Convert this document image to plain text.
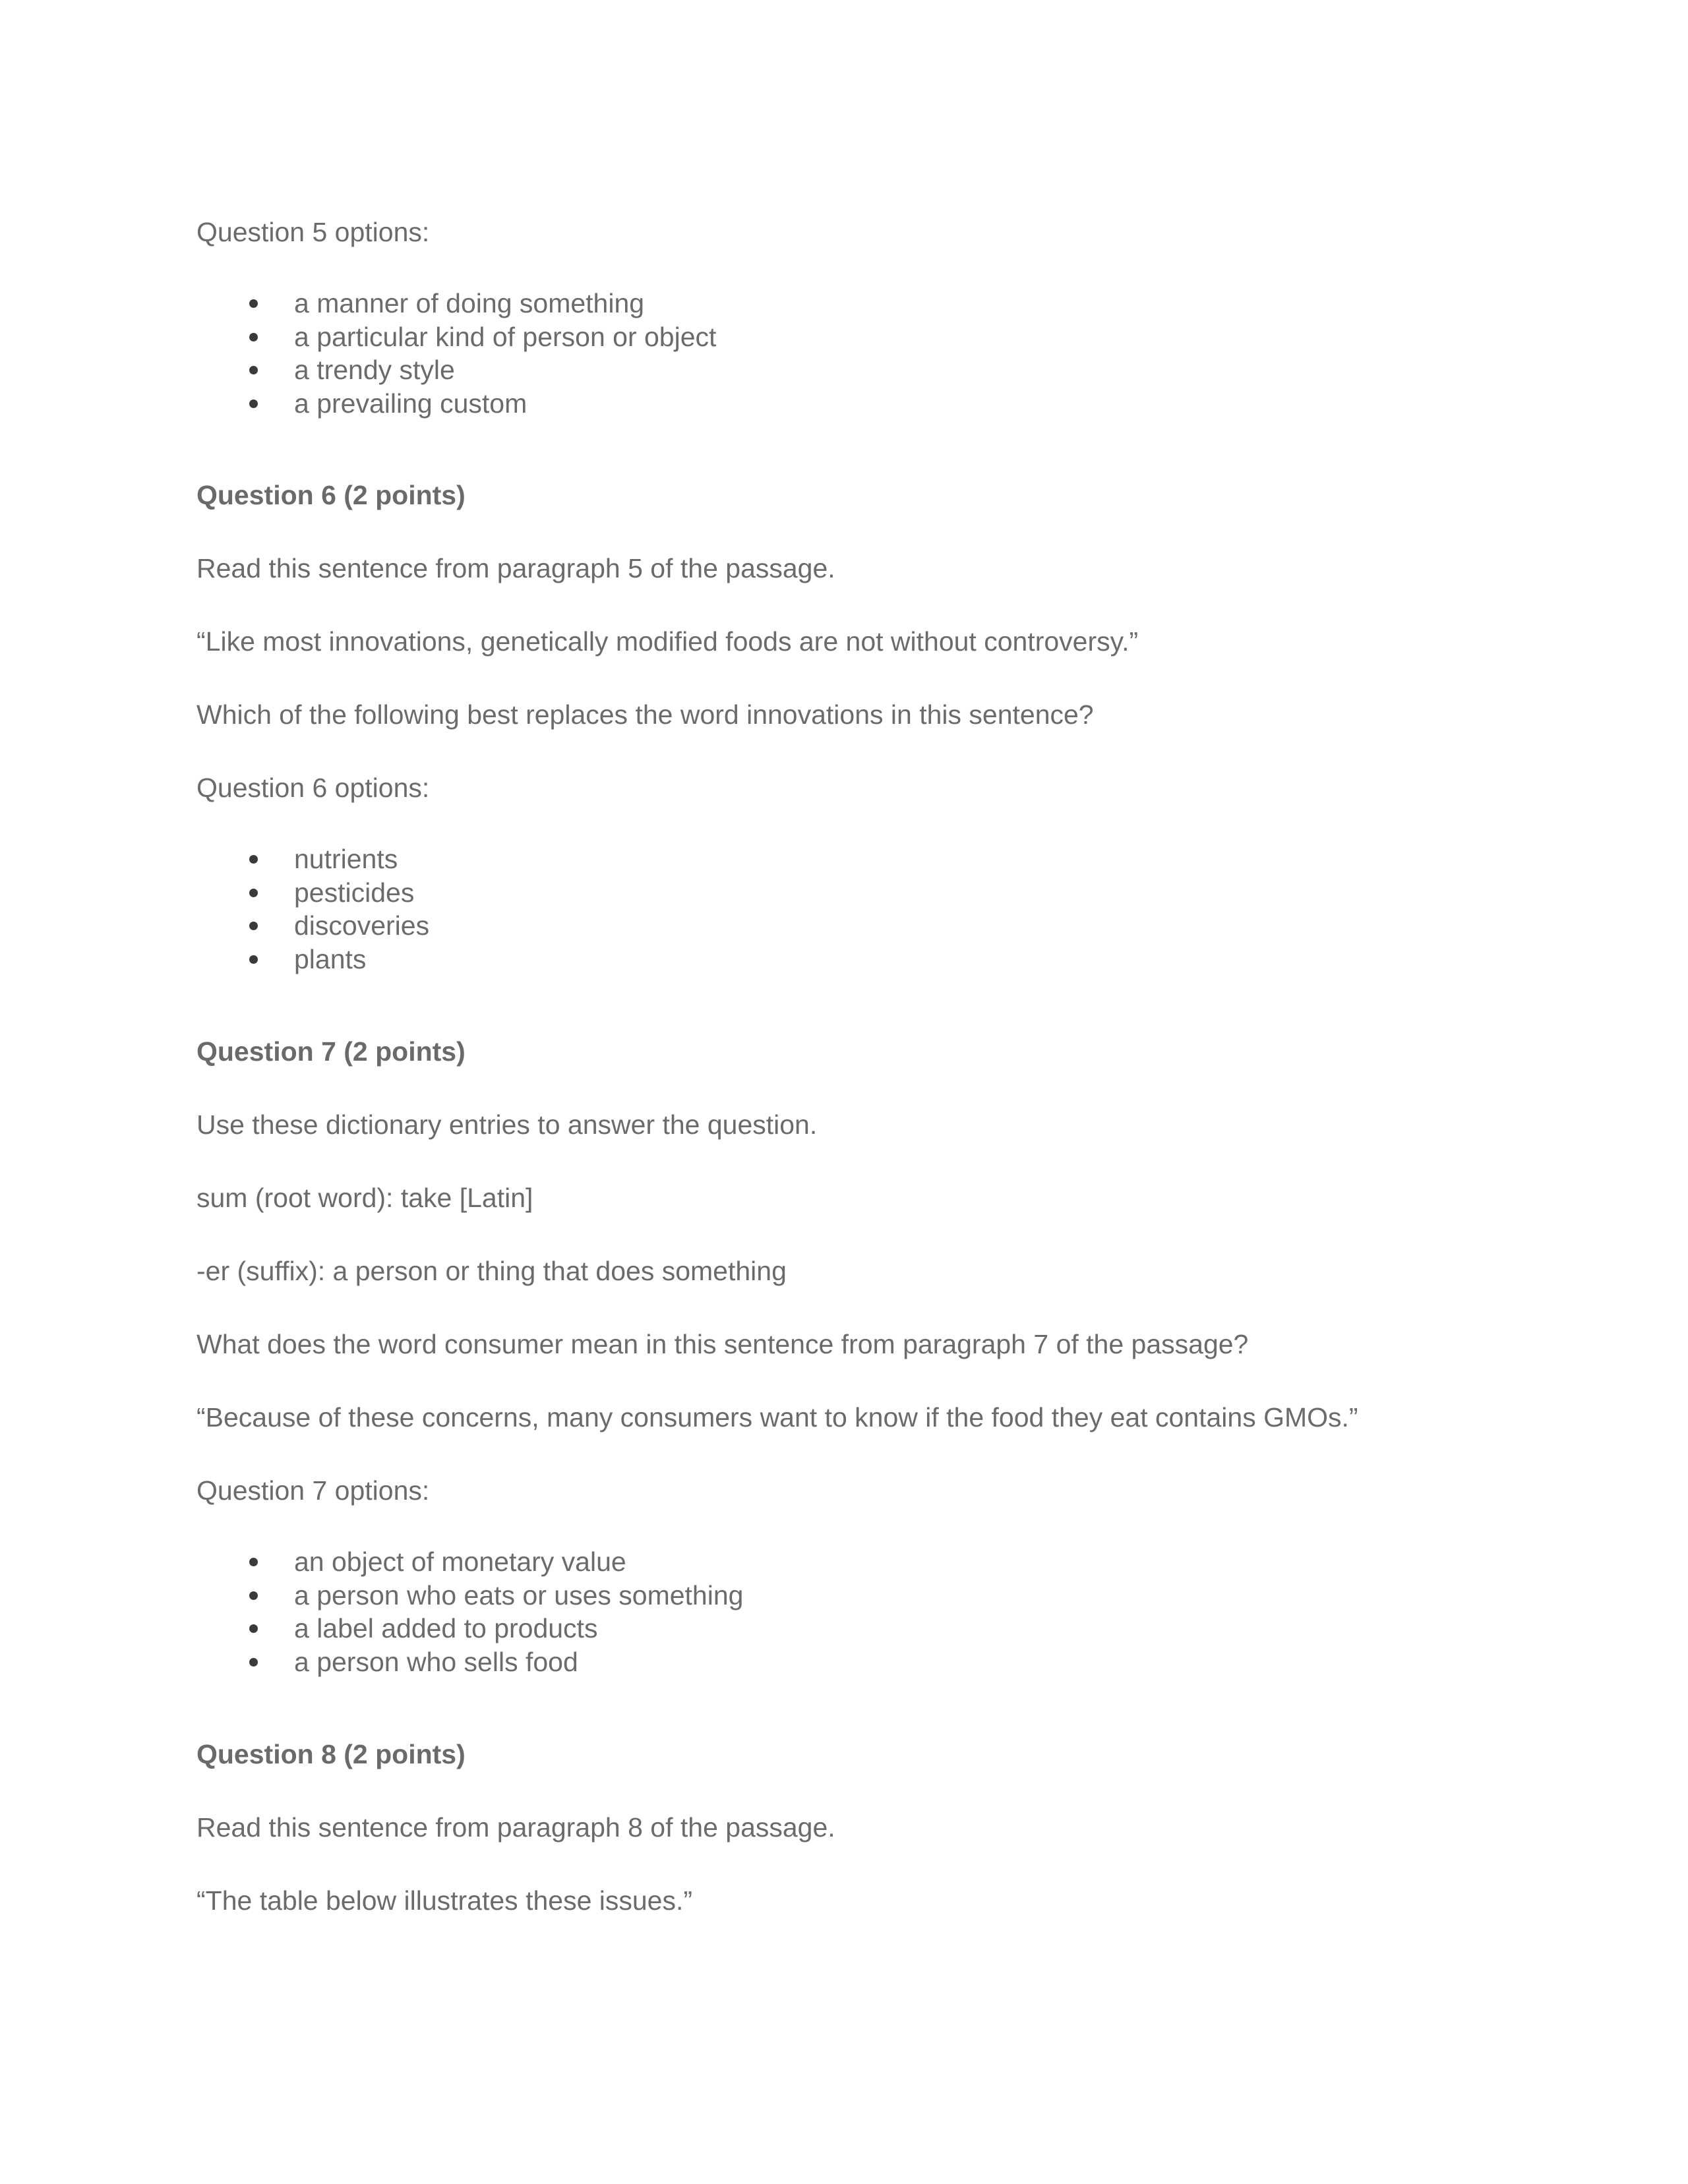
Question 5 options:
a manner of doing something
a particular kind of person or object
a trendy style
a prevailing custom
Question 6 (2 points)
Read this sentence from paragraph 5 of the passage.
“Like most innovations, genetically modified foods are not without controversy.”
Which of the following best replaces the word innovations in this sentence?
Question 6 options:
nutrients
pesticides
discoveries
plants
Question 7 (2 points)
Use these dictionary entries to answer the question.
sum (root word): take [Latin]
-er (suffix): a person or thing that does something
What does the word consumer mean in this sentence from paragraph 7 of the passage?
“Because of these concerns, many consumers want to know if the food they eat contains GMOs.”
Question 7 options:
an object of monetary value
a person who eats or uses something
a label added to products
a person who sells food
Question 8 (2 points)
Read this sentence from paragraph 8 of the passage.
“The table below illustrates these issues.”
